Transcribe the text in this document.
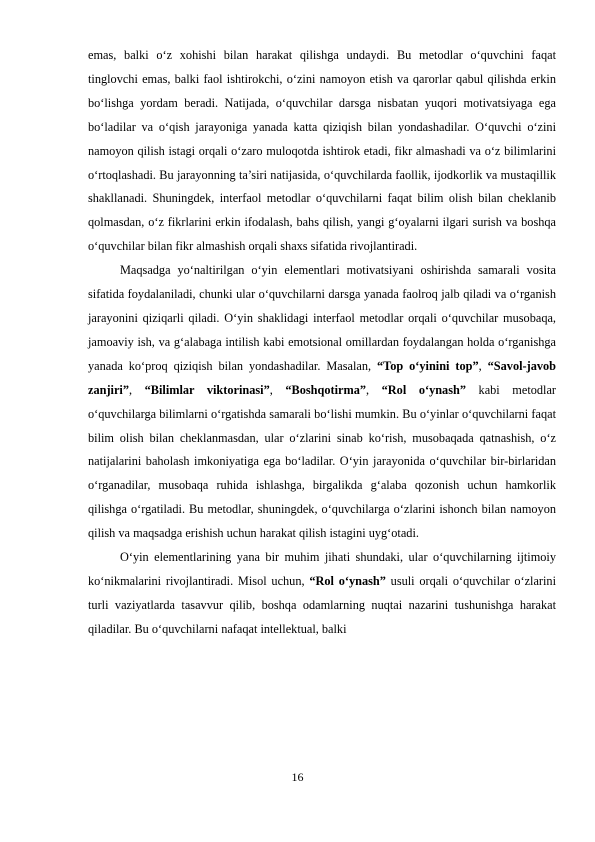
emas, balki o‘z xohishi bilan harakat qilishga undaydi. Bu metodlar o‘quvchini faqat tinglovchi emas, balki faol ishtirokchi, o‘zini namoyon etish va qarorlar qabul qilishda erkin bo‘lishga yordam beradi. Natijada, o‘quvchilar darsga nisbatan yuqori motivatsiyaga ega bo‘ladilar va o‘qish jarayoniga yanada katta qiziqish bilan yondashadilar. O‘quvchi o‘zini namoyon qilish istagi orqali o‘zaro muloqotda ishtirok etadi, fikr almashadi va o‘z bilimlarini o‘rtoqlashadi. Bu jarayonning ta’siri natijasida, o‘quvchilarda faollik, ijodkorlik va mustaqillik shakllanadi. Shuningdek, interfaol metodlar o‘quvchilarni faqat bilim olish bilan cheklanib qolmasdan, o‘z fikrlarini erkin ifodalash, bahs qilish, yangi g‘oyalarni ilgari surish va boshqa o‘quvchilar bilan fikr almashish orqali shaxs sifatida rivojlantiradi.

Maqsadga yo‘naltirilgan o‘yin elementlari motivatsiyani oshirishda samarali vosita sifatida foydalaniladi, chunki ular o‘quvchilarni darsga yanada faolroq jalb qiladi va o‘rganish jarayonini qiziqarli qiladi. O‘yin shaklidagi interfaol metodlar orqali o‘quvchilar musobaqa, jamoaviy ish, va g‘alabaga intilish kabi emotsional omillardan foydalangan holda o‘rganishga yanada ko‘proq qiziqish bilan yondashadilar. Masalan, “Top o‘yinini top”, “Savol-javob zanjiri”, “Bilimlar viktorinasi”, “Boshqotirma”, “Rol o‘ynash” kabi metodlar o‘quvchilarga bilimlarni o‘rgatishda samarali bo‘lishi mumkin. Bu o‘yinlar o‘quvchilarni faqat bilim olish bilan cheklanmasdan, ular o‘zlarini sinab ko‘rish, musobaqada qatnashish, o‘z natijalarini baholash imkoniyatiga ega bo‘ladilar. O‘yin jarayonida o‘quvchilar bir-birlaridan o‘rganadilar, musobaqa ruhida ishlashga, birgalikda g‘alaba qozonish uchun hamkorlik qilishga o‘rgatiladi. Bu metodlar, shuningdek, o‘quvchilarga o‘zlarini ishonch bilan namoyon qilish va maqsadga erishish uchun harakat qilish istagini uyg‘otadi.

O‘yin elementlarining yana bir muhim jihati shundaki, ular o‘quvchilarning ijtimoiy ko‘nikmalarini rivojlantiradi. Misol uchun, “Rol o‘ynash” usuli orqali o‘quvchilar o‘zlarini turli vaziyatlarda tasavvur qilib, boshqa odamlarning nuqtai nazarini tushunishga harakat qiladilar. Bu o‘quvchilarni nafaqat intellektual, balki

16
